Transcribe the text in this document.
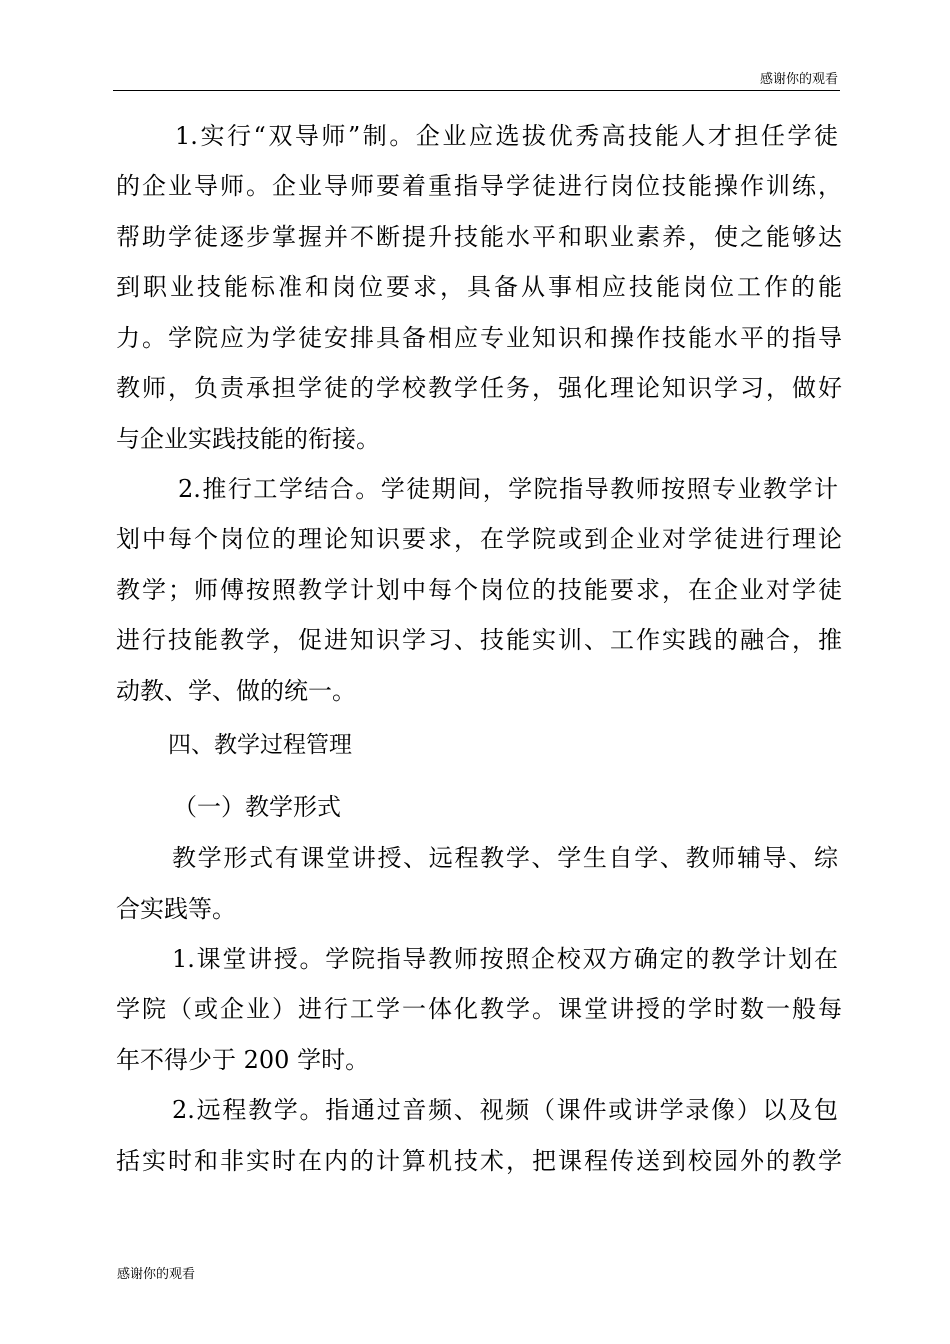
感谢你的观看
1.实行“双导师”制。企业应选拔优秀高技能人才担任学徒
的企业导师。企业导师要着重指导学徒进行岗位技能操作训练，
帮助学徒逐步掌握并不断提升技能水平和职业素养，使之能够达
到职业技能标准和岗位要求，具备从事相应技能岗位工作的能
力。学院应为学徒安排具备相应专业知识和操作技能水平的指导
教师，负责承担学徒的学校教学任务，强化理论知识学习，做好
与企业实践技能的衔接。
2.推行工学结合。学徒期间，学院指导教师按照专业教学计
划中每个岗位的理论知识要求，在学院或到企业对学徒进行理论
教学；师傅按照教学计划中每个岗位的技能要求，在企业对学徒
进行技能教学，促进知识学习、技能实训、工作实践的融合，推
动教、学、做的统一。
四、教学过程管理
（一）教学形式
教学形式有课堂讲授、远程教学、学生自学、教师辅导、综
合实践等。
1.课堂讲授。学院指导教师按照企校双方确定的教学计划在
学院（或企业）进行工学一体化教学。课堂讲授的学时数一般每
年不得少于 200 学时。
2.远程教学。指通过音频、视频（课件或讲学录像）以及包
括实时和非实时在内的计算机技术，把课程传送到校园外的教学
感谢你的观看
